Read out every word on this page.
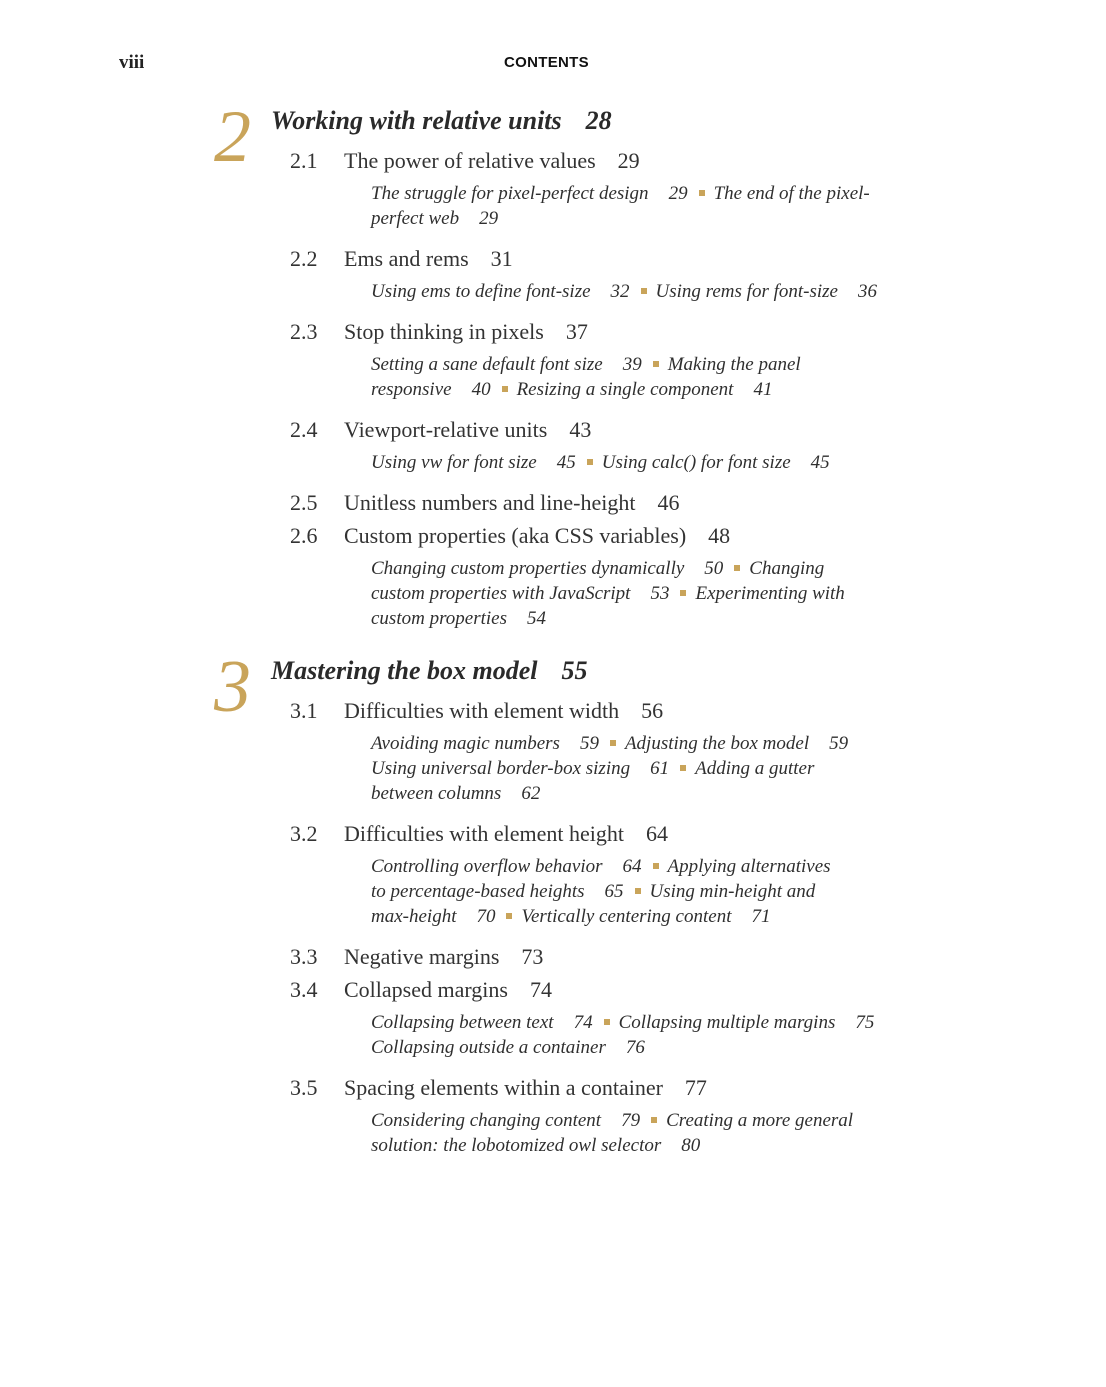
viii	CONTENTS
2 Working with relative units 28
2.1 The power of relative values 29
The struggle for pixel-perfect design 29 The end of the pixel-
perfect web 29
2.2 Ems and rems 31
Using ems to define font-size 32 Using rems for font-size 36
2.3 Stop thinking in pixels 37
Setting a sane default font size 39 Making the panel
responsive 40 Resizing a single component 41
2.4 Viewport-relative units 43
Using vw for font size 45 Using calc() for font size 45
2.5 Unitless numbers and line-height 46
2.6 Custom properties (aka CSS variables) 48
Changing custom properties dynamically 50 Changing
custom properties with JavaScript 53 Experimenting with
custom properties 54
3 Mastering the box model 55
3.1 Difficulties with element width 56
Avoiding magic numbers 59 Adjusting the box model 59
Using universal border-box sizing 61 Adding a gutter
between columns 62
3.2 Difficulties with element height 64
Controlling overflow behavior 64 Applying alternatives
to percentage-based heights 65 Using min-height and
max-height 70 Vertically centering content 71
3.3 Negative margins 73
3.4 Collapsed margins 74
Collapsing between text 74 Collapsing multiple margins 75
Collapsing outside a container 76
3.5 Spacing elements within a container 77
Considering changing content 79 Creating a more general
solution: the lobotomized owl selector 80
